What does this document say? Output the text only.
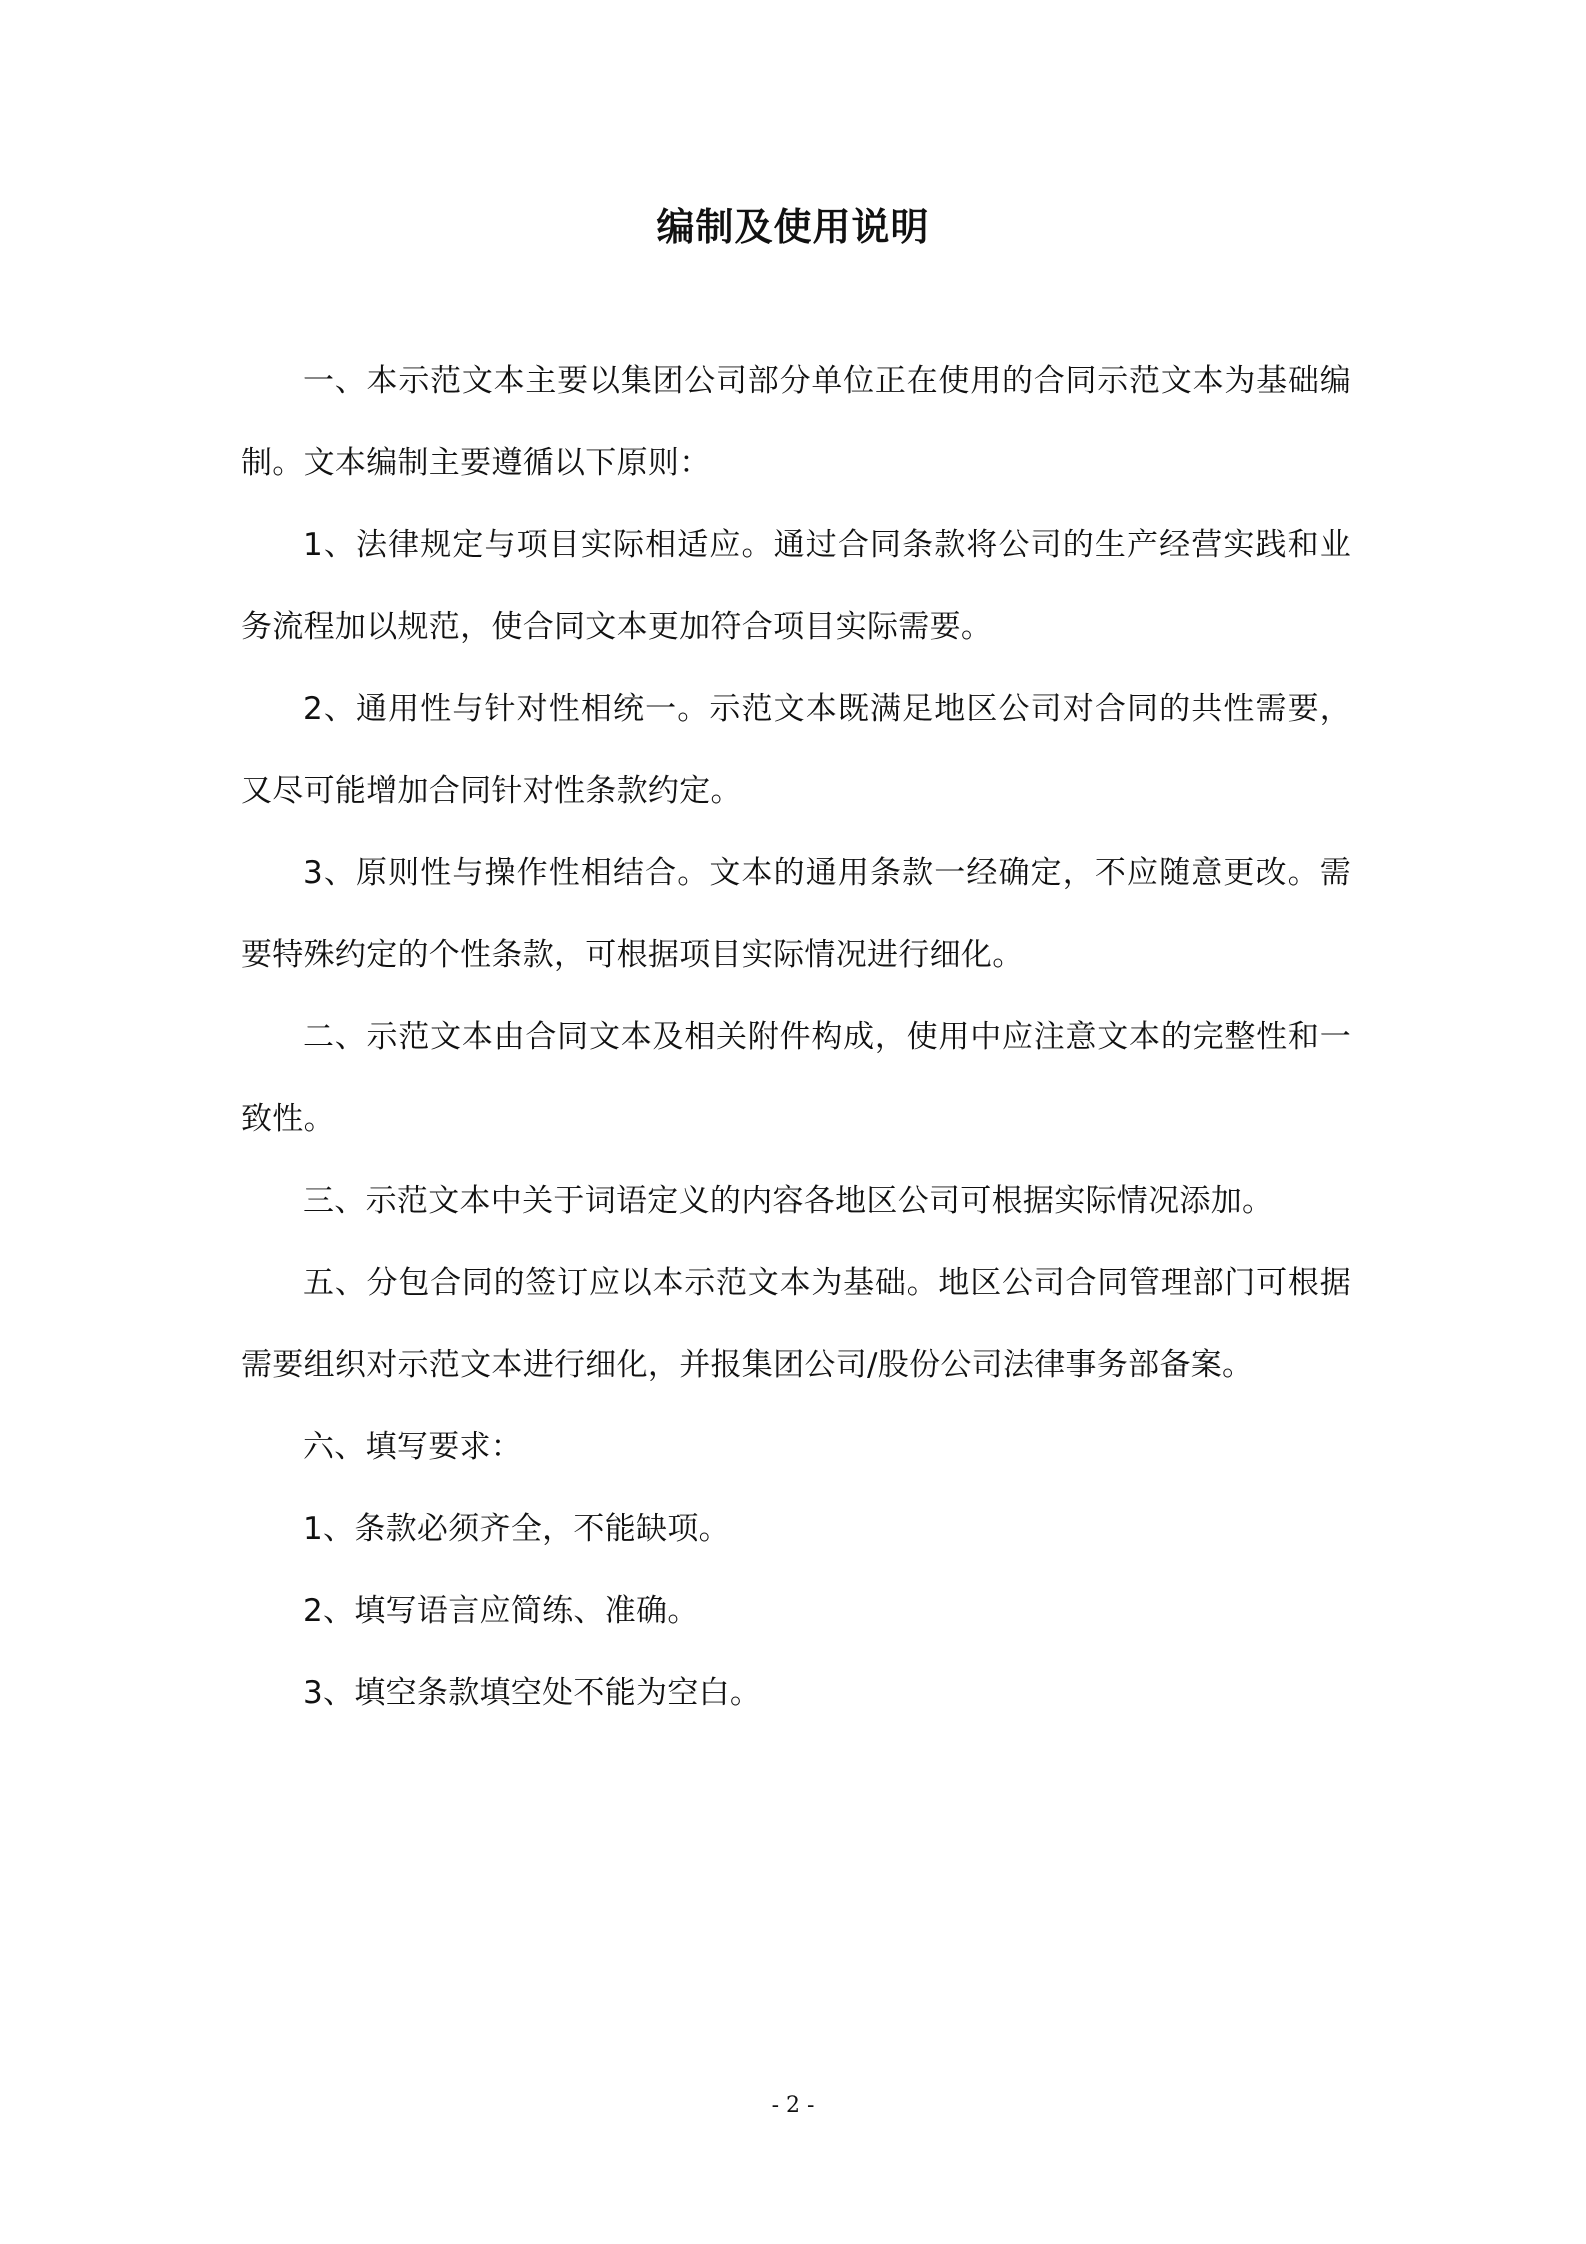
编制及使用说明

一、本示范文本主要以集团公司部分单位正在使用的合同示范文本为基础编制。文本编制主要遵循以下原则：

1、法律规定与项目实际相适应。通过合同条款将公司的生产经营实践和业务流程加以规范，使合同文本更加符合项目实际需要。

2、通用性与针对性相统一。示范文本既满足地区公司对合同的共性需要，又尽可能增加合同针对性条款约定。

3、原则性与操作性相结合。文本的通用条款一经确定，不应随意更改。需要特殊约定的个性条款，可根据项目实际情况进行细化。

二、示范文本由合同文本及相关附件构成，使用中应注意文本的完整性和一致性。

三、示范文本中关于词语定义的内容各地区公司可根据实际情况添加。

五、分包合同的签订应以本示范文本为基础。地区公司合同管理部门可根据需要组织对示范文本进行细化，并报集团公司/股份公司法律事务部备案。

六、填写要求：

1、条款必须齐全，不能缺项。

2、填写语言应简练、准确。

3、填空条款填空处不能为空白。

- 2 -
